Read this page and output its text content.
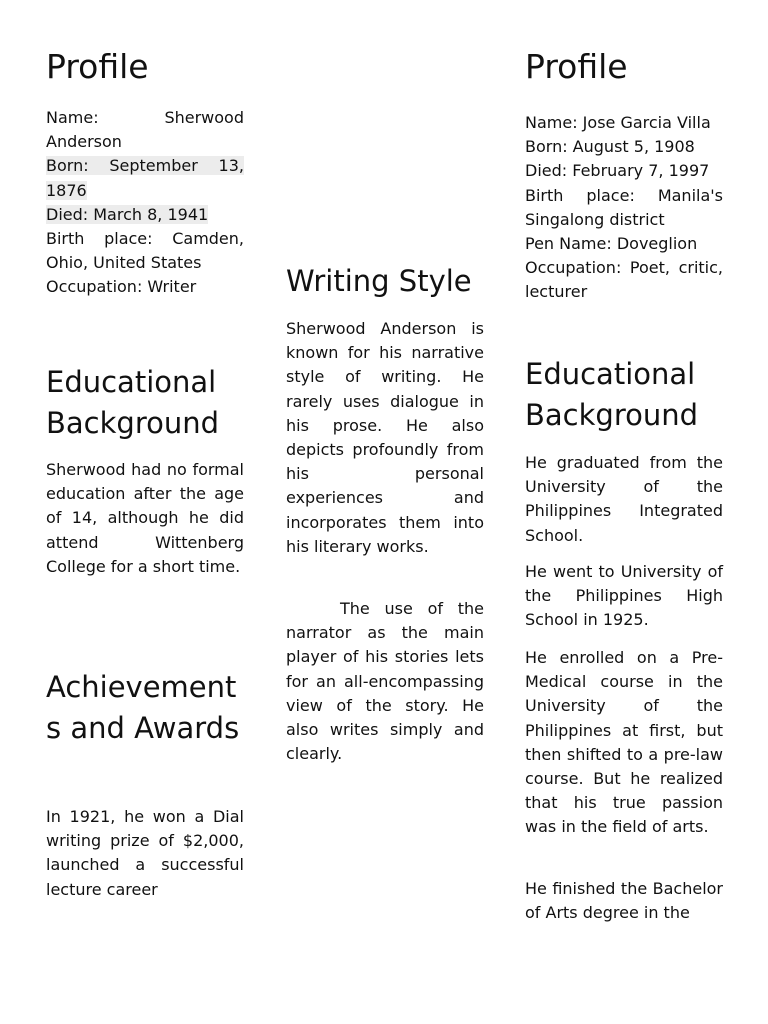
Profile

Name: Sherwood Anderson

Born: September 13, 1876

Died: March 8, 1941

Birth place: Camden, Ohio, United States

Occupation: Writer

Educational Background

Sherwood had no formal education after the age of 14, although he did attend Wittenberg College for a short time.

Achievements and Awards

In 1921, he won a Dial writing prize of $2,000, launched a successful lecture career

Writing Style

Sherwood Anderson is known for his narrative style of writing. He rarely uses dialogue in his prose. He also depicts profoundly from his personal experiences and incorporates them into his literary works.

The use of the narrator as the main player of his stories lets for an all-encompassing view of the story. He also writes simply and clearly.

Profile

Name: Jose Garcia Villa

Born: August 5, 1908

Died: February 7, 1997

Birth place: Manila's Singalong district

Pen Name: Doveglion

Occupation: Poet, critic, lecturer

Educational Background

He graduated from the University of the Philippines Integrated School.

He went to University of the Philippines High School in 1925.

He enrolled on a Pre-Medical course in the University of the Philippines at first, but then shifted to a pre-law course. But he realized that his true passion was in the field of arts.

He finished the Bachelor of Arts degree in the
